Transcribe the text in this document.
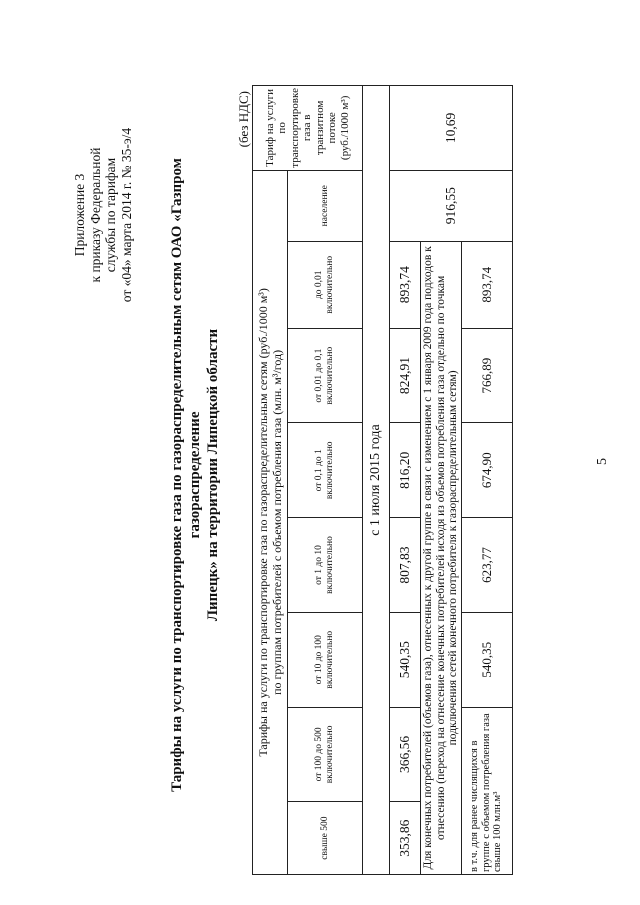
Приложение 3 к приказу Федеральной службы по тарифам от «04» марта 2014 г. № 35-э/4 Тарифы на услуги по транспортировке газа по газораспределительным сетям ОАО «Газпром газораспределение Липецк» на территории Липецкой области
(без НДС)
Тарифы на услуги по транспортировке газа по газораспределительным сетям (руб./1000 м³) по группам потребителей с объемом потребления газа (млн. м³/год)								Тариф на услуги по транспортировке газа в транзитном потоке (руб./1000 м³)
свыше 500	от 100 до 500 включительно	от 10 до 100 включительно	от 1 до 10 включительно	от 0,1 до 1 включительно	от 0,01 до 0,1 включительно	до 0,01 включительно	население	
с 1 июля 2015 года								
353,86	366,56	540,35	807,83	816,20	824,91	893,74	916,55	10,69
Для конечных потребителей (объемов газа), отнесенных к другой группе в связи с изменением с 1 января 2009 года подходов к отнесению (переход на отнесение конечных потребителей исходя из объемов потребления газа отдельно по точкам подключения сетей конечного потребителя к газораспределительным сетям)								
в т.ч. для ранее числящихся в группе с объемом потребления газа свыше 100 млн.м³		540,35	623,77	674,90	766,89	893,74		
5
